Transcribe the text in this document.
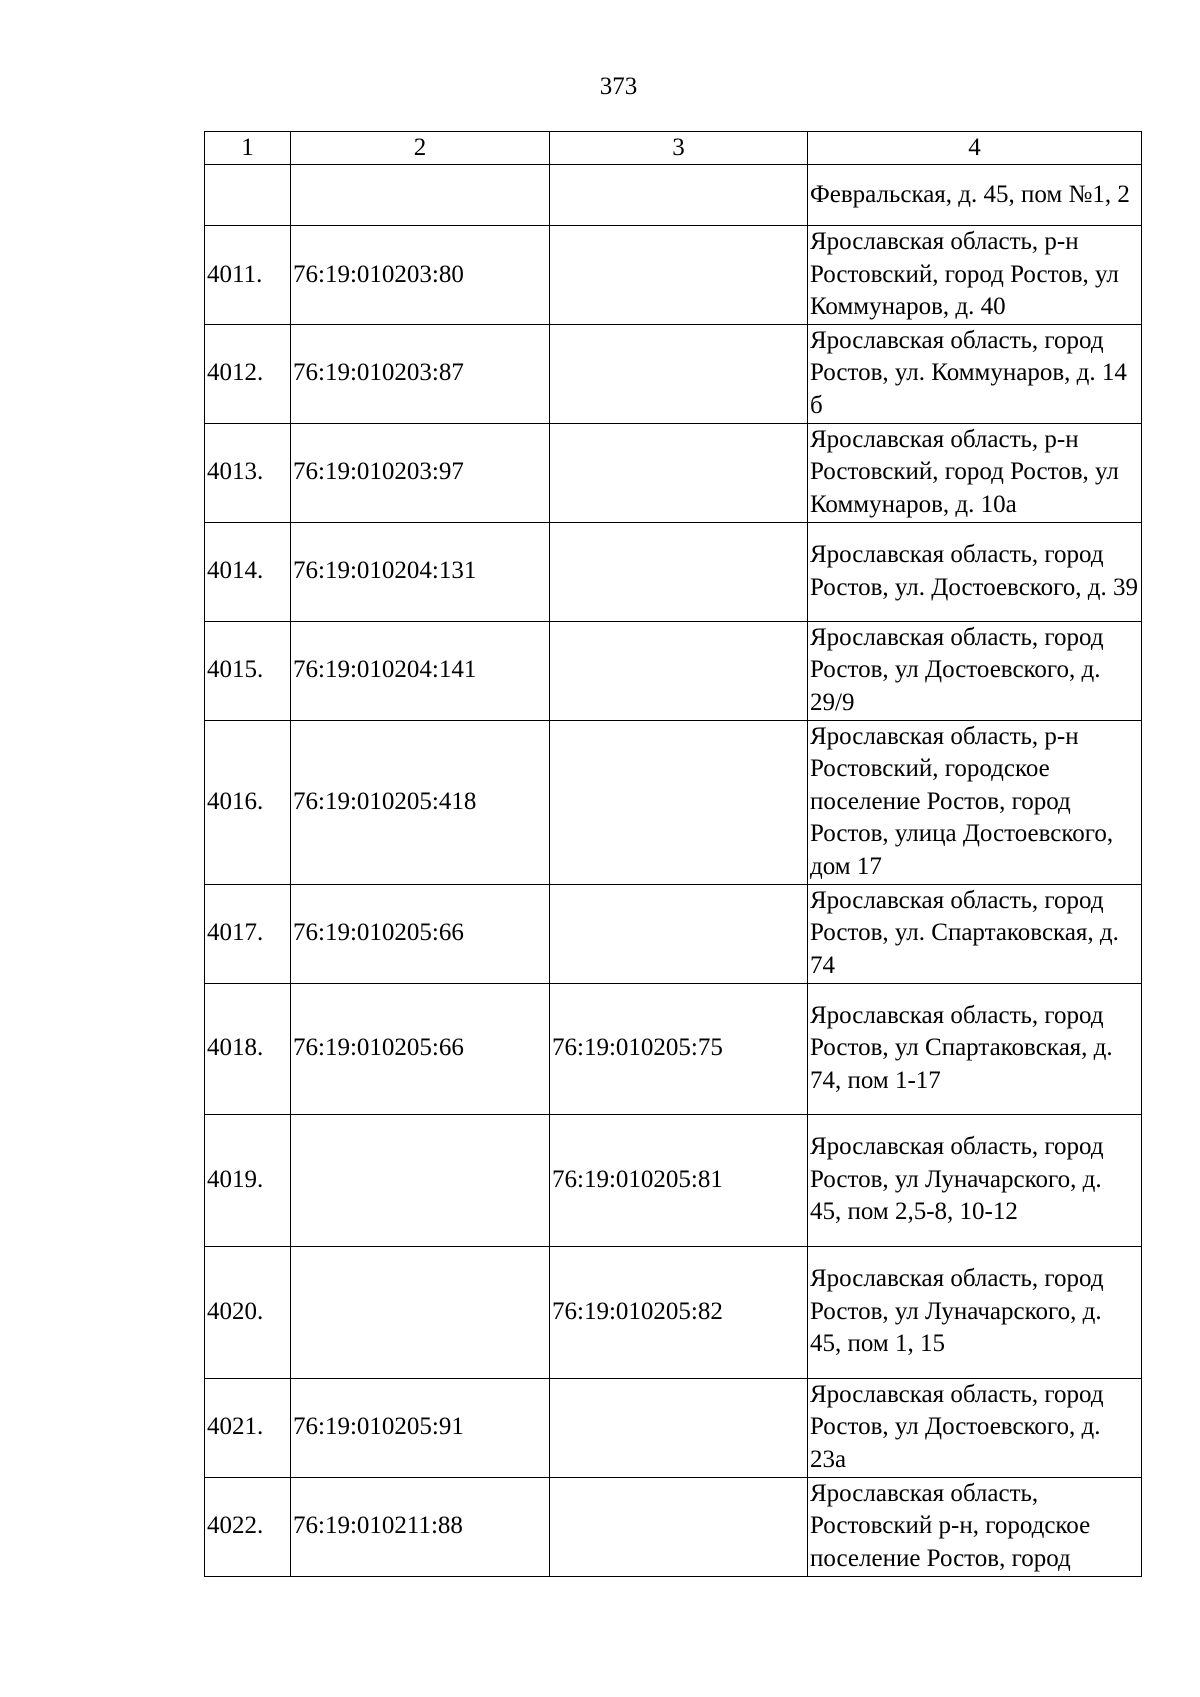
373
1	2	3	4
			Февральская, д. 45, пом №1, 2
4011.	76:19:010203:80		Ярославская область, р-н Ростовский, город Ростов, ул Коммунаров, д. 40
4012.	76:19:010203:87		Ярославская область, город Ростов, ул. Коммунаров, д. 14 б
4013.	76:19:010203:97		Ярославская область, р-н Ростовский, город Ростов, ул Коммунаров, д. 10а
4014.	76:19:010204:131		Ярославская область, город Ростов, ул. Достоевского, д. 39
4015.	76:19:010204:141		Ярославская область, город Ростов, ул Достоевского, д. 29/9
4016.	76:19:010205:418		Ярославская область, р-н Ростовский, городское поселение Ростов, город Ростов, улица Достоевского, дом 17
4017.	76:19:010205:66		Ярославская область, город Ростов, ул. Спартаковская, д. 74
4018.	76:19:010205:66	76:19:010205:75	Ярославская область, город Ростов, ул Спартаковская, д. 74, пом 1-17
4019.		76:19:010205:81	Ярославская область, город Ростов, ул Луначарского, д. 45, пом 2,5-8, 10-12
4020.		76:19:010205:82	Ярославская область, город Ростов, ул Луначарского, д. 45, пом 1, 15
4021.	76:19:010205:91		Ярославская область, город Ростов, ул Достоевского, д. 23а
4022.	76:19:010211:88		Ярославская область, Ростовский р-н, городское поселение Ростов, город
